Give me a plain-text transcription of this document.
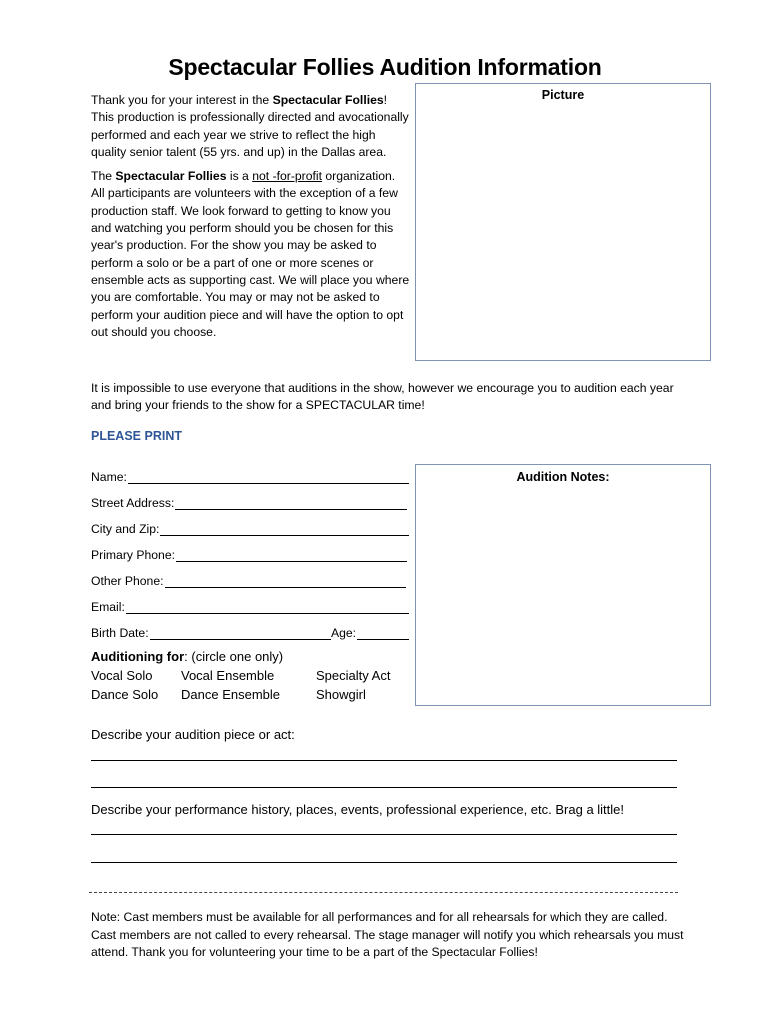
Spectacular Follies Audition Information

Thank you for your interest in the Spectacular Follies! This production is professionally directed and avocationally performed and each year we strive to reflect the high quality senior talent (55 yrs. and up) in the Dallas area.

The Spectacular Follies is a not -for-profit organization. All participants are volunteers with the exception of a few production staff. We look forward to getting to know you and watching you perform should you be chosen for this year's production. For the show you may be asked to perform a solo or be a part of one or more scenes or ensemble acts as supporting cast. We will place you where you are comfortable. You may or may not be asked to perform your audition piece and will have the option to opt out should you choose.

Picture
It is impossible to use everyone that auditions in the show, however we encourage you to audition each year and bring your friends to the show for a SPECTACULAR time!
PLEASE PRINT
Name:
Street Address:
City and Zip:
Primary Phone:
Other Phone:
Email:
Birth Date:	Age:
Audition Notes:
Auditioning for: (circle one only)
Vocal Solo Vocal Ensemble	Specialty Act
Dance Solo Dance Ensemble	Showgirl
Describe your audition piece or act:
Describe your performance history, places, events, professional experience, etc. Brag a little!
Note: Cast members must be available for all performances and for all rehearsals for which they are called. Cast members are not called to every rehearsal. The stage manager will notify you which rehearsals you must attend. Thank you for volunteering your time to be a part of the Spectacular Follies!
